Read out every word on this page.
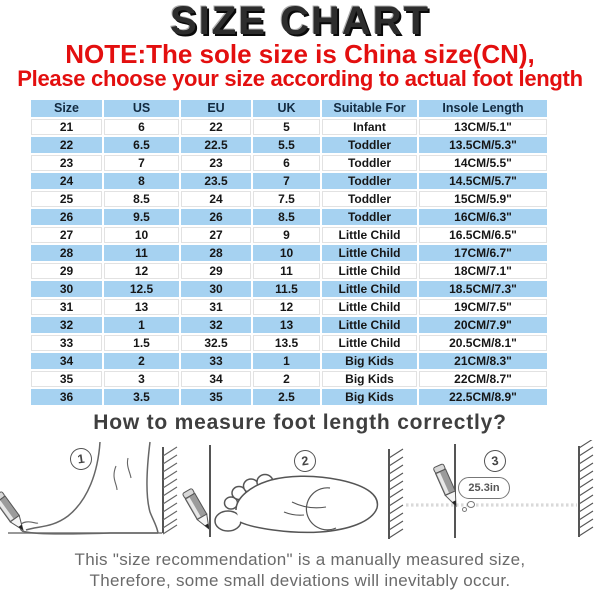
SIZE CHART
NOTE:The sole size is China size(CN),
Please choose your size according to actual foot length
Size	US	EU	UK	Suitable For	Insole Length
21	6	22	5	Infant	13CM/5.1"
22	6.5	22.5	5.5	Toddler	13.5CM/5.3"
23	7	23	6	Toddler	14CM/5.5"
24	8	23.5	7	Toddler	14.5CM/5.7"
25	8.5	24	7.5	Toddler	15CM/5.9"
26	9.5	26	8.5	Toddler	16CM/6.3"
27	10	27	9	Little Child	16.5CM/6.5"
28	11	28	10	Little Child	17CM/6.7"
29	12	29	11	Little Child	18CM/7.1"
30	12.5	30	11.5	Little Child	18.5CM/7.3"
31	13	31	12	Little Child	19CM/7.5"
32	1	32	13	Little Child	20CM/7.9"
33	1.5	32.5	13.5	Little Child	20.5CM/8.1"
34	2	33	1	Big Kids	21CM/8.3"
35	3	34	2	Big Kids	22CM/8.7"
36	3.5	35	2.5	Big Kids	22.5CM/8.9"
How to measure foot length correctly?
1	2	3
25.3in
This "size recommendation" is a manually measured size,
Therefore, some small deviations will inevitably occur.
